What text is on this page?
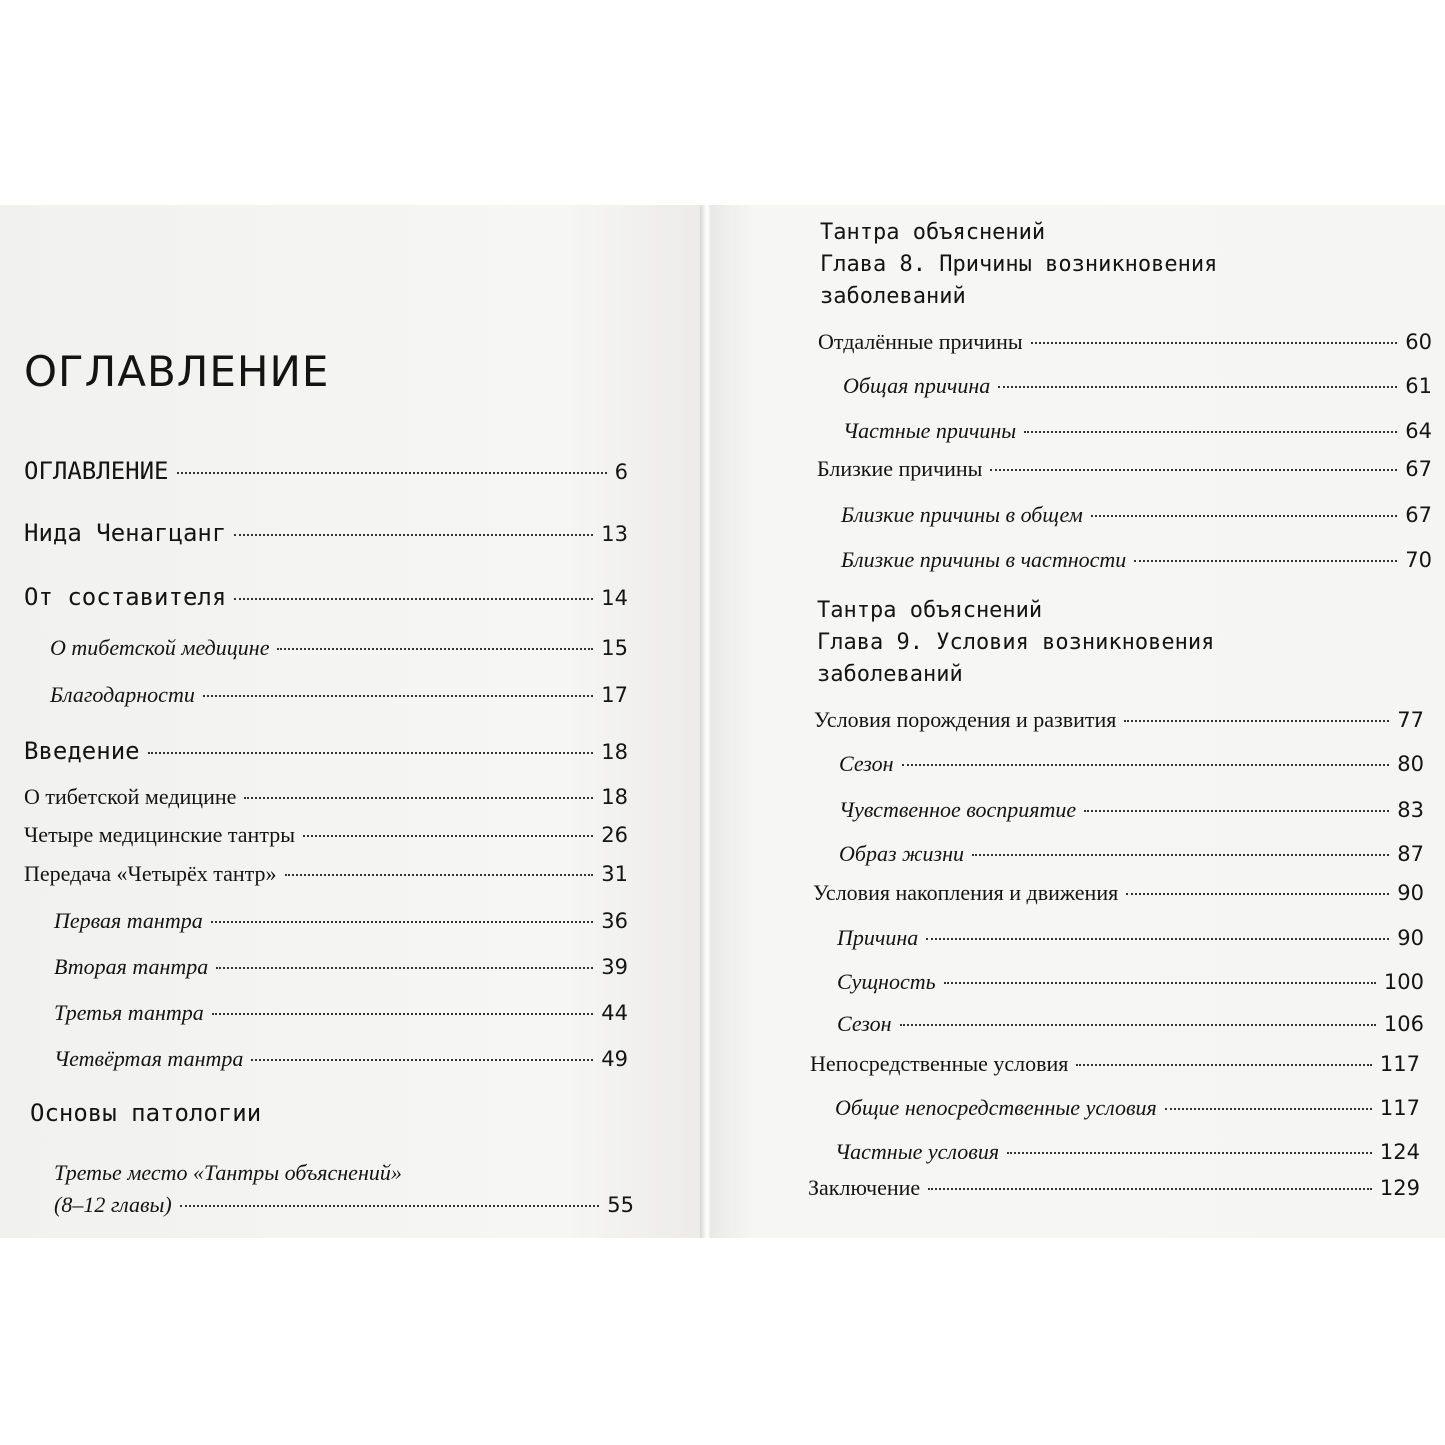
ОГЛАВЛЕНИЕ
ОГЛАВЛЕНИЕ	6
Нида Ченагцанг	13
От составителя	14
О тибетской медицине	15
Благодарности	17
Введение	18
О тибетской медицине	18
Четыре медицинские тантры	26
Передача «Четырёх тантр»	31
Первая тантра	36
Вторая тантра	39
Третья тантра	44
Четвёртая тантра	49
Основы патологии
Третье место «Тантры объяснений»
(8–12 главы)	55
Тантра объяснений
Глава 8. Причины возникновения
заболеваний
Отдалённые причины	60
Общая причина	61
Частные причины	64
Близкие причины	67
Близкие причины в общем	67
Близкие причины в частности	70
Тантра объяснений
Глава 9. Условия возникновения
заболеваний
Условия порождения и развития	77
Сезон	80
Чувственное восприятие	83
Образ жизни	87
Условия накопления и движения	90
Причина	90
Сущность	100
Сезон	106
Непосредственные условия	117
Общие непосредственные условия	117
Частные условия	124
Заключение	129
